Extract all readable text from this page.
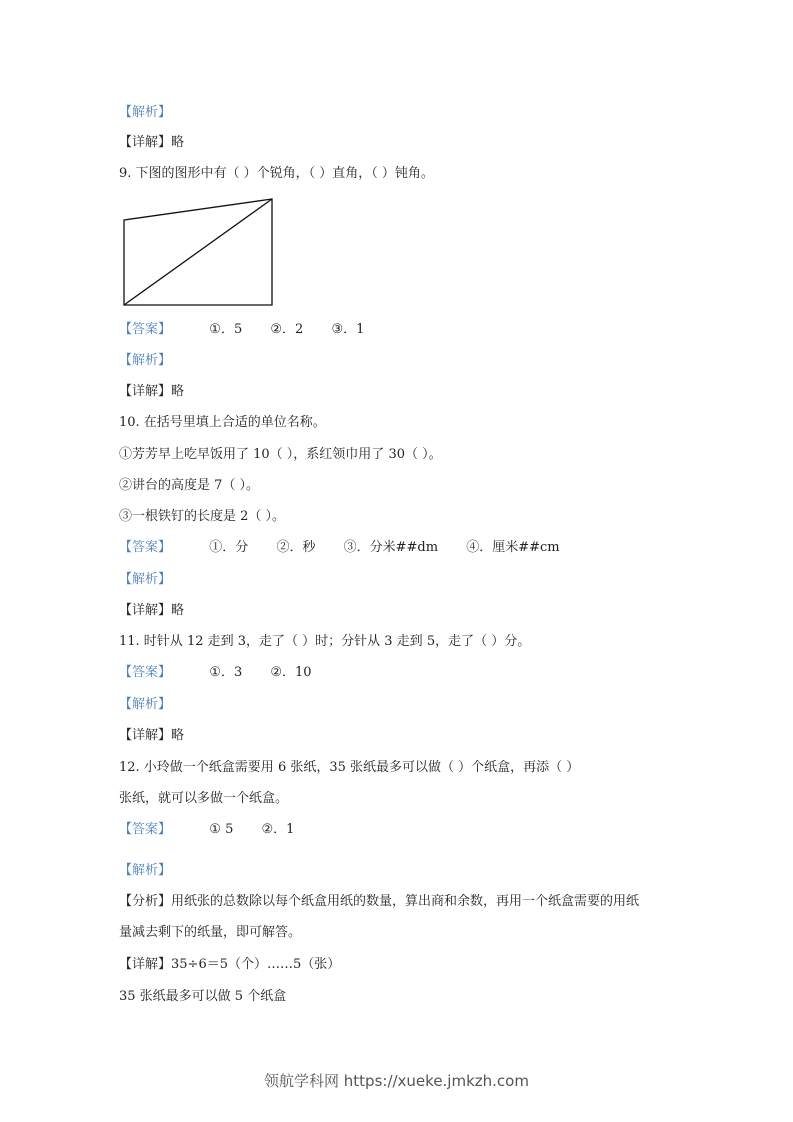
【解析】
【详解】略
9. 下图的图形中有（ ）个锐角，（ ）直角，（ ）钝角。
【答案】	①．5 ②．2 ③．1
【解析】
【详解】略
10. 在括号里填上合适的单位名称。
①芳芳早上吃早饭用了 10（ ），系红领巾用了 30（ ）。
②讲台的高度是 7（ ）。
③一根铁钉的长度是 2（ ）。
【答案】	①．分 ②．秒 ③．分米##dm ④．厘米##cm
【解析】
【详解】略
11. 时针从 12 走到 3，走了（ ）时；分针从 3 走到 5，走了（ ）分。
【答案】	①．3 ②．10
【解析】
【详解】略
12. 小玲做一个纸盒需要用 6 张纸，35 张纸最多可以做（ ）个纸盒，再添（ ）
张纸，就可以多做一个纸盒。
【答案】	① 5 ②．1
【解析】
【分析】用纸张的总数除以每个纸盒用纸的数量，算出商和余数，再用一个纸盒需要的用纸
量减去剩下的纸量，即可解答。
【详解】35÷6＝5（个）……5（张）
35 张纸最多可以做 5 个纸盒
领航学科网 https://xueke.jmkzh.com
